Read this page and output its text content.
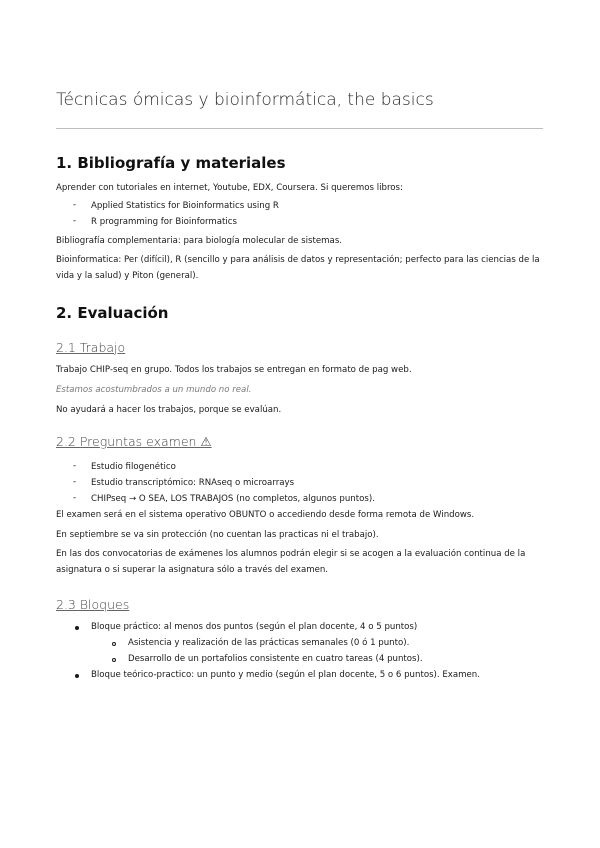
Técnicas ómicas y bioinformática, the basics
1. Bibliografía y materiales
Aprender con tutoriales en internet, Youtube, EDX, Coursera. Si queremos libros:
- Applied Statistics for Bioinformatics using R
- R programming for Bioinformatics
Bibliografía complementaria: para biología molecular de sistemas.
Bioinformatica: Per (difícil), R (sencillo y para análisis de datos y representación; perfecto para las ciencias de la vida y la salud) y Piton (general).
2. Evaluación
2.1 Trabajo
Trabajo CHIP-seq en grupo. Todos los trabajos se entregan en formato de pag web.
Estamos acostumbrados a un mundo no real.
No ayudará a hacer los trabajos, porque se evalúan.
2.2 Preguntas examen ⚠
- Estudio filogenético
- Estudio transcriptómico: RNAseq o microarrays
- CHIPseq → O SEA, LOS TRABAJOS (no completos, algunos puntos).
El examen será en el sistema operativo OBUNTO o accediendo desde forma remota de Windows.
En septiembre se va sin protección (no cuentan las practicas ni el trabajo).
En las dos convocatorias de exámenes los alumnos podrán elegir si se acogen a la evaluación continua de la asignatura o si superar la asignatura sólo a través del examen.
2.3 Bloques
Bloque práctico: al menos dos puntos (según el plan docente, 4 o 5 puntos)
Asistencia y realización de las prácticas semanales (0 ó 1 punto).
Desarrollo de un portafolios consistente en cuatro tareas (4 puntos).
Bloque teórico-practico: un punto y medio (según el plan docente, 5 o 6 puntos). Examen.
